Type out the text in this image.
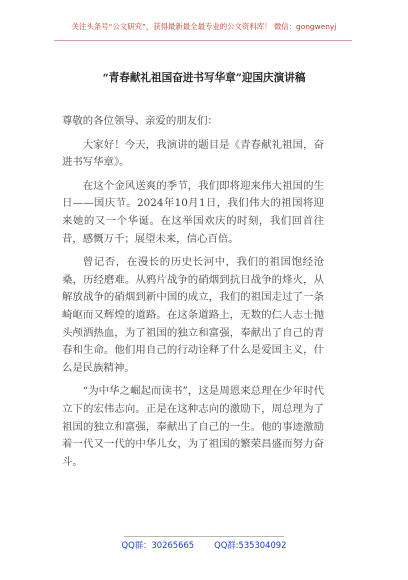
关注头条号“公文研究”，获得最新最全最专业的公文资料库！ 微信：gongwenyj
“青春献礼祖国奋进书写华章”迎国庆演讲稿

尊敬的各位领导、亲爱的朋友们：

大家好！今天，我演讲的题目是《青春献礼祖国，奋进书写华章》。

在这个金风送爽的季节，我们即将迎来伟大祖国的生日——国庆节。2024年10月1日，我们伟大的祖国将迎来她的又一个华诞。在这举国欢庆的时刻，我们回首往昔，感慨万千；展望未来，信心百倍。

曾记否，在漫长的历史长河中，我们的祖国饱经沧桑，历经磨难。从鸦片战争的硝烟到抗日战争的烽火，从解放战争的硝烟到新中国的成立，我们的祖国走过了一条崎岖而又辉煌的道路。在这条道路上，无数的仁人志士抛头颅洒热血，为了祖国的独立和富强，奉献出了自己的青春和生命。他们用自己的行动诠释了什么是爱国主义，什么是民族精神。

“为中华之崛起而读书”，这是周恩来总理在少年时代立下的宏伟志向。正是在这种志向的激励下，周总理为了祖国的独立和富强，奉献出了自己的一生。他的事迹激励着一代又一代的中华儿女，为了祖国的繁荣昌盛而努力奋斗。

QQ群：30265665 QQ群:535304092
